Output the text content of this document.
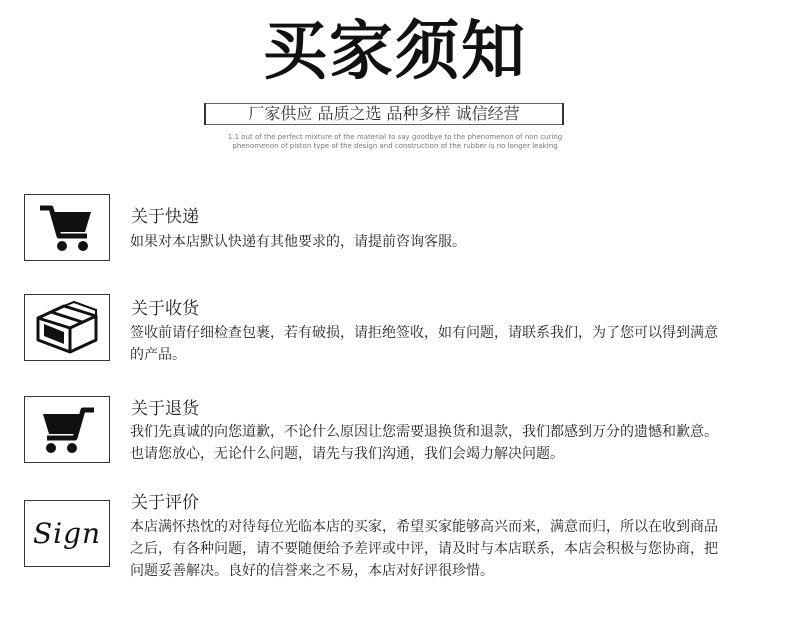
买家须知
厂家供应 品质之选 品种多样 诚信经营
1:1 out of the perfect mixture of the material to say goodbye to the phenomenon of non curing
phenomenon of piston type of the design and construction of the rubber is no longer leaking
关于快递
如果对本店默认快递有其他要求的，请提前咨询客服。
关于收货
签收前请仔细检查包裹，若有破损，请拒绝签收，如有问题，请联系我们，为了您可以得到满意的产品。
关于退货
我们先真诚的向您道歉，不论什么原因让您需要退换货和退款，我们都感到万分的遗憾和歉意。也请您放心，无论什么问题，请先与我们沟通，我们会竭力解决问题。
Sign
关于评价
本店满怀热忱的对待每位光临本店的买家，希望买家能够高兴而来，满意而归，所以在收到商品之后，有各种问题，请不要随便给予差评或中评，请及时与本店联系，本店会积极与您协商，把问题妥善解决。良好的信誉来之不易，本店对好评很珍惜。
